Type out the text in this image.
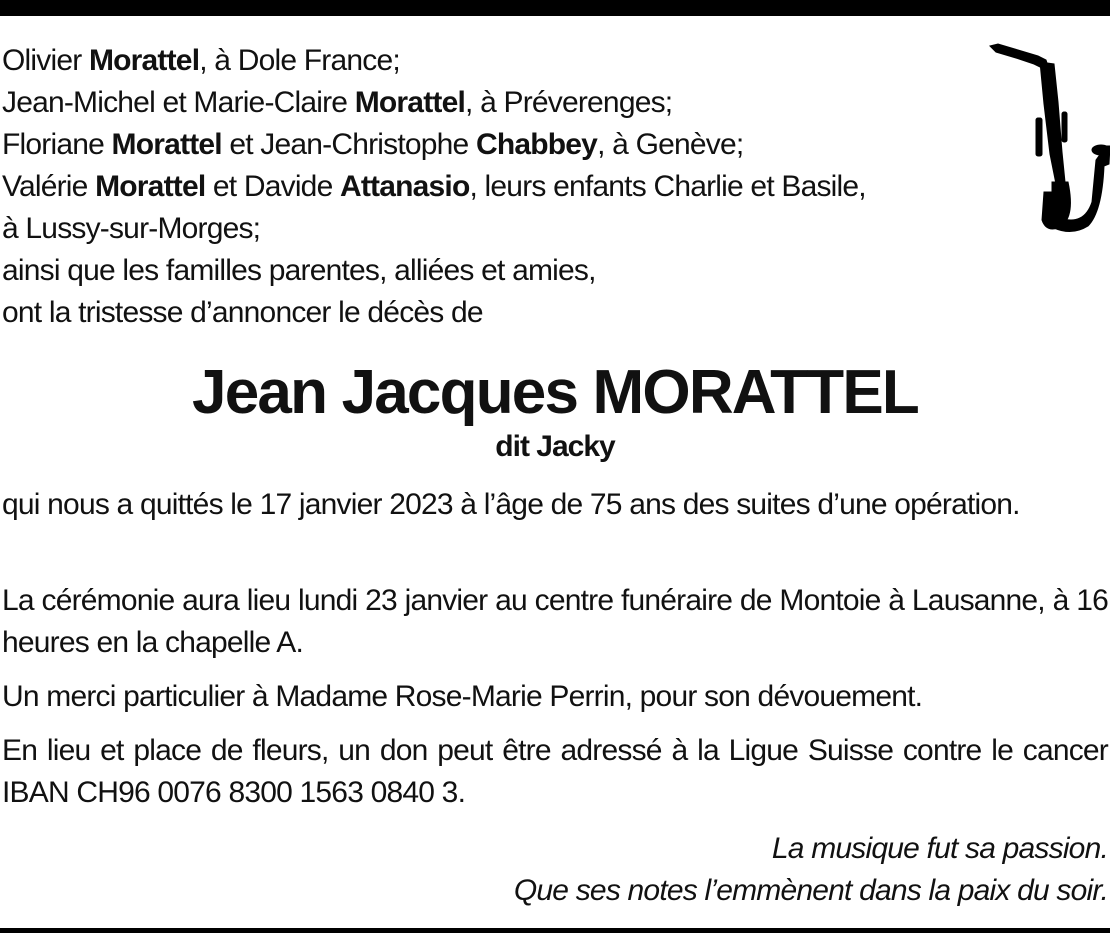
Olivier Morattel, à Dole France;
Jean-Michel et Marie-Claire Morattel, à Préverenges;
Floriane Morattel et Jean-Christophe Chabbey, à Genève;
Valérie Morattel et Davide Attanasio, leurs enfants Charlie et Basile,
à Lussy-sur-Morges;
ainsi que les familles parentes, alliées et amies,
ont la tristesse d’annoncer le décès de
Jean Jacques MORATTEL
dit Jacky
qui nous a quittés le 17 janvier 2023 à l’âge de 75 ans des suites d’une opération.
La cérémonie aura lieu lundi 23 janvier au centre funéraire de Montoie à Lausanne, à 16 heures en la chapelle A.
Un merci particulier à Madame Rose-Marie Perrin, pour son dévouement.
En lieu et place de fleurs, un don peut être adressé à la Ligue Suisse contre le cancer IBAN CH96 0076 8300 1563 0840 3.
La musique fut sa passion.
Que ses notes l’emmènent dans la paix du soir.
